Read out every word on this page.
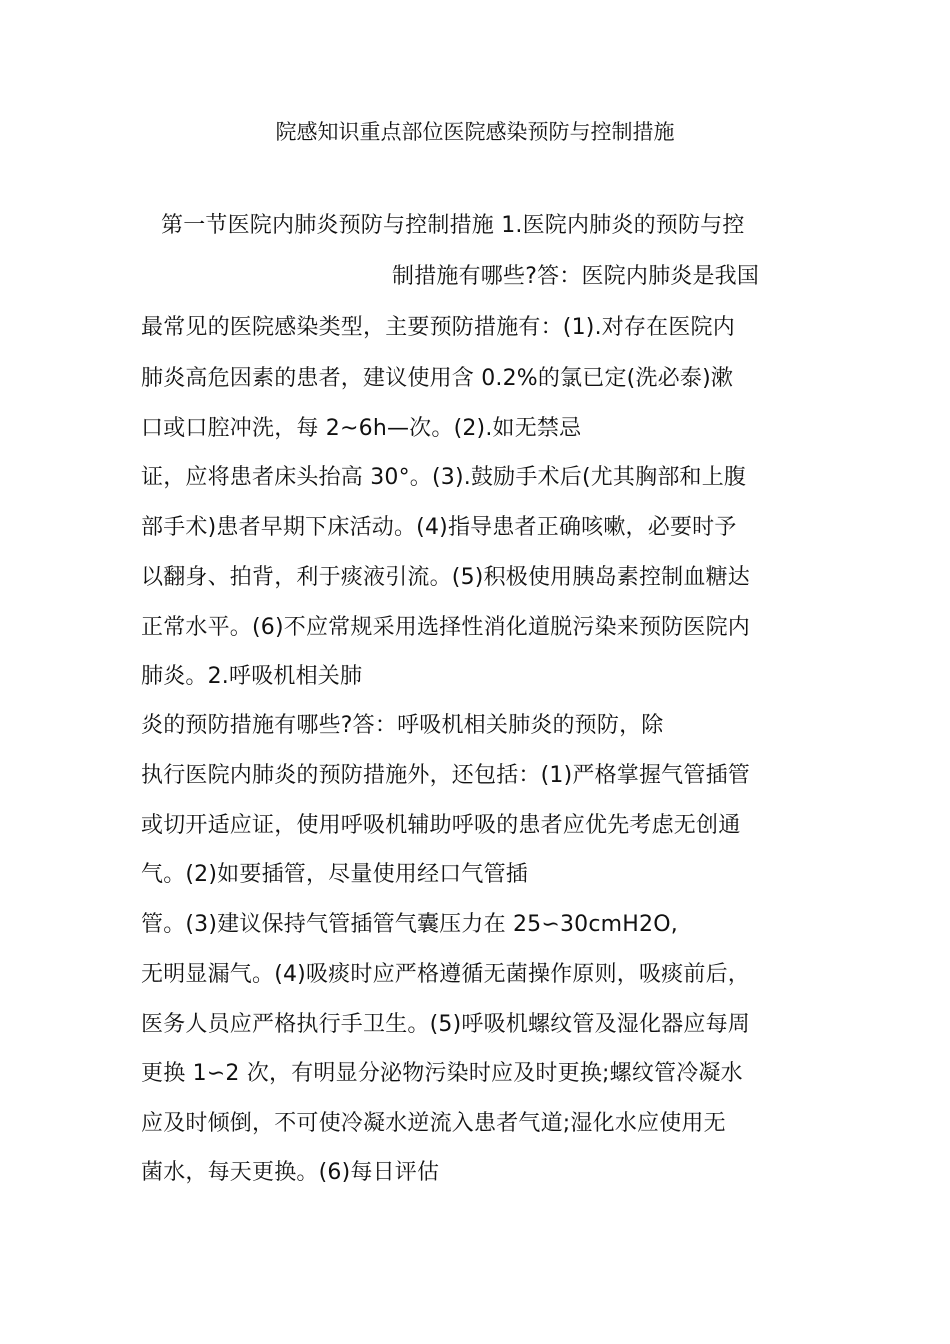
院感知识重点部位医院感染预防与控制措施
第一节医院内肺炎预防与控制措施 1.医院内肺炎的预防与控
制措施有哪些?答：医院内肺炎是我国
最常见的医院感染类型，主要预防措施有：(1).对存在医院内
肺炎高危因素的患者，建议使用含 0.2%的氯已定(洗必泰)漱
口或口腔冲洗，每 2~6h—次。(2).如无禁忌
证，应将患者床头抬高 30°。(3).鼓励手术后(尤其胸部和上腹
部手术)患者早期下床活动。(4)指导患者正确咳嗽，必要时予
以翻身、拍背，利于痰液引流。(5)积极使用胰岛素控制血糖达
正常水平。(6)不应常规采用选择性消化道脱污染来预防医院内
肺炎。2.呼吸机相关肺
炎的预防措施有哪些?答：呼吸机相关肺炎的预防，除
执行医院内肺炎的预防措施外，还包括：(1)严格掌握气管插管
或切开适应证，使用呼吸机辅助呼吸的患者应优先考虑无创通
气。(2)如要插管，尽量使用经口气管插
管。(3)建议保持气管插管气囊压力在 25∽30cmH2O,
无明显漏气。(4)吸痰时应严格遵循无菌操作原则，吸痰前后，
医务人员应严格执行手卫生。(5)呼吸机螺纹管及湿化器应每周
更换 1∽2 次，有明显分泌物污染时应及时更换;螺纹管冷凝水
应及时倾倒，不可使冷凝水逆流入患者气道;湿化水应使用无
菌水，每天更换。(6)每日评估
